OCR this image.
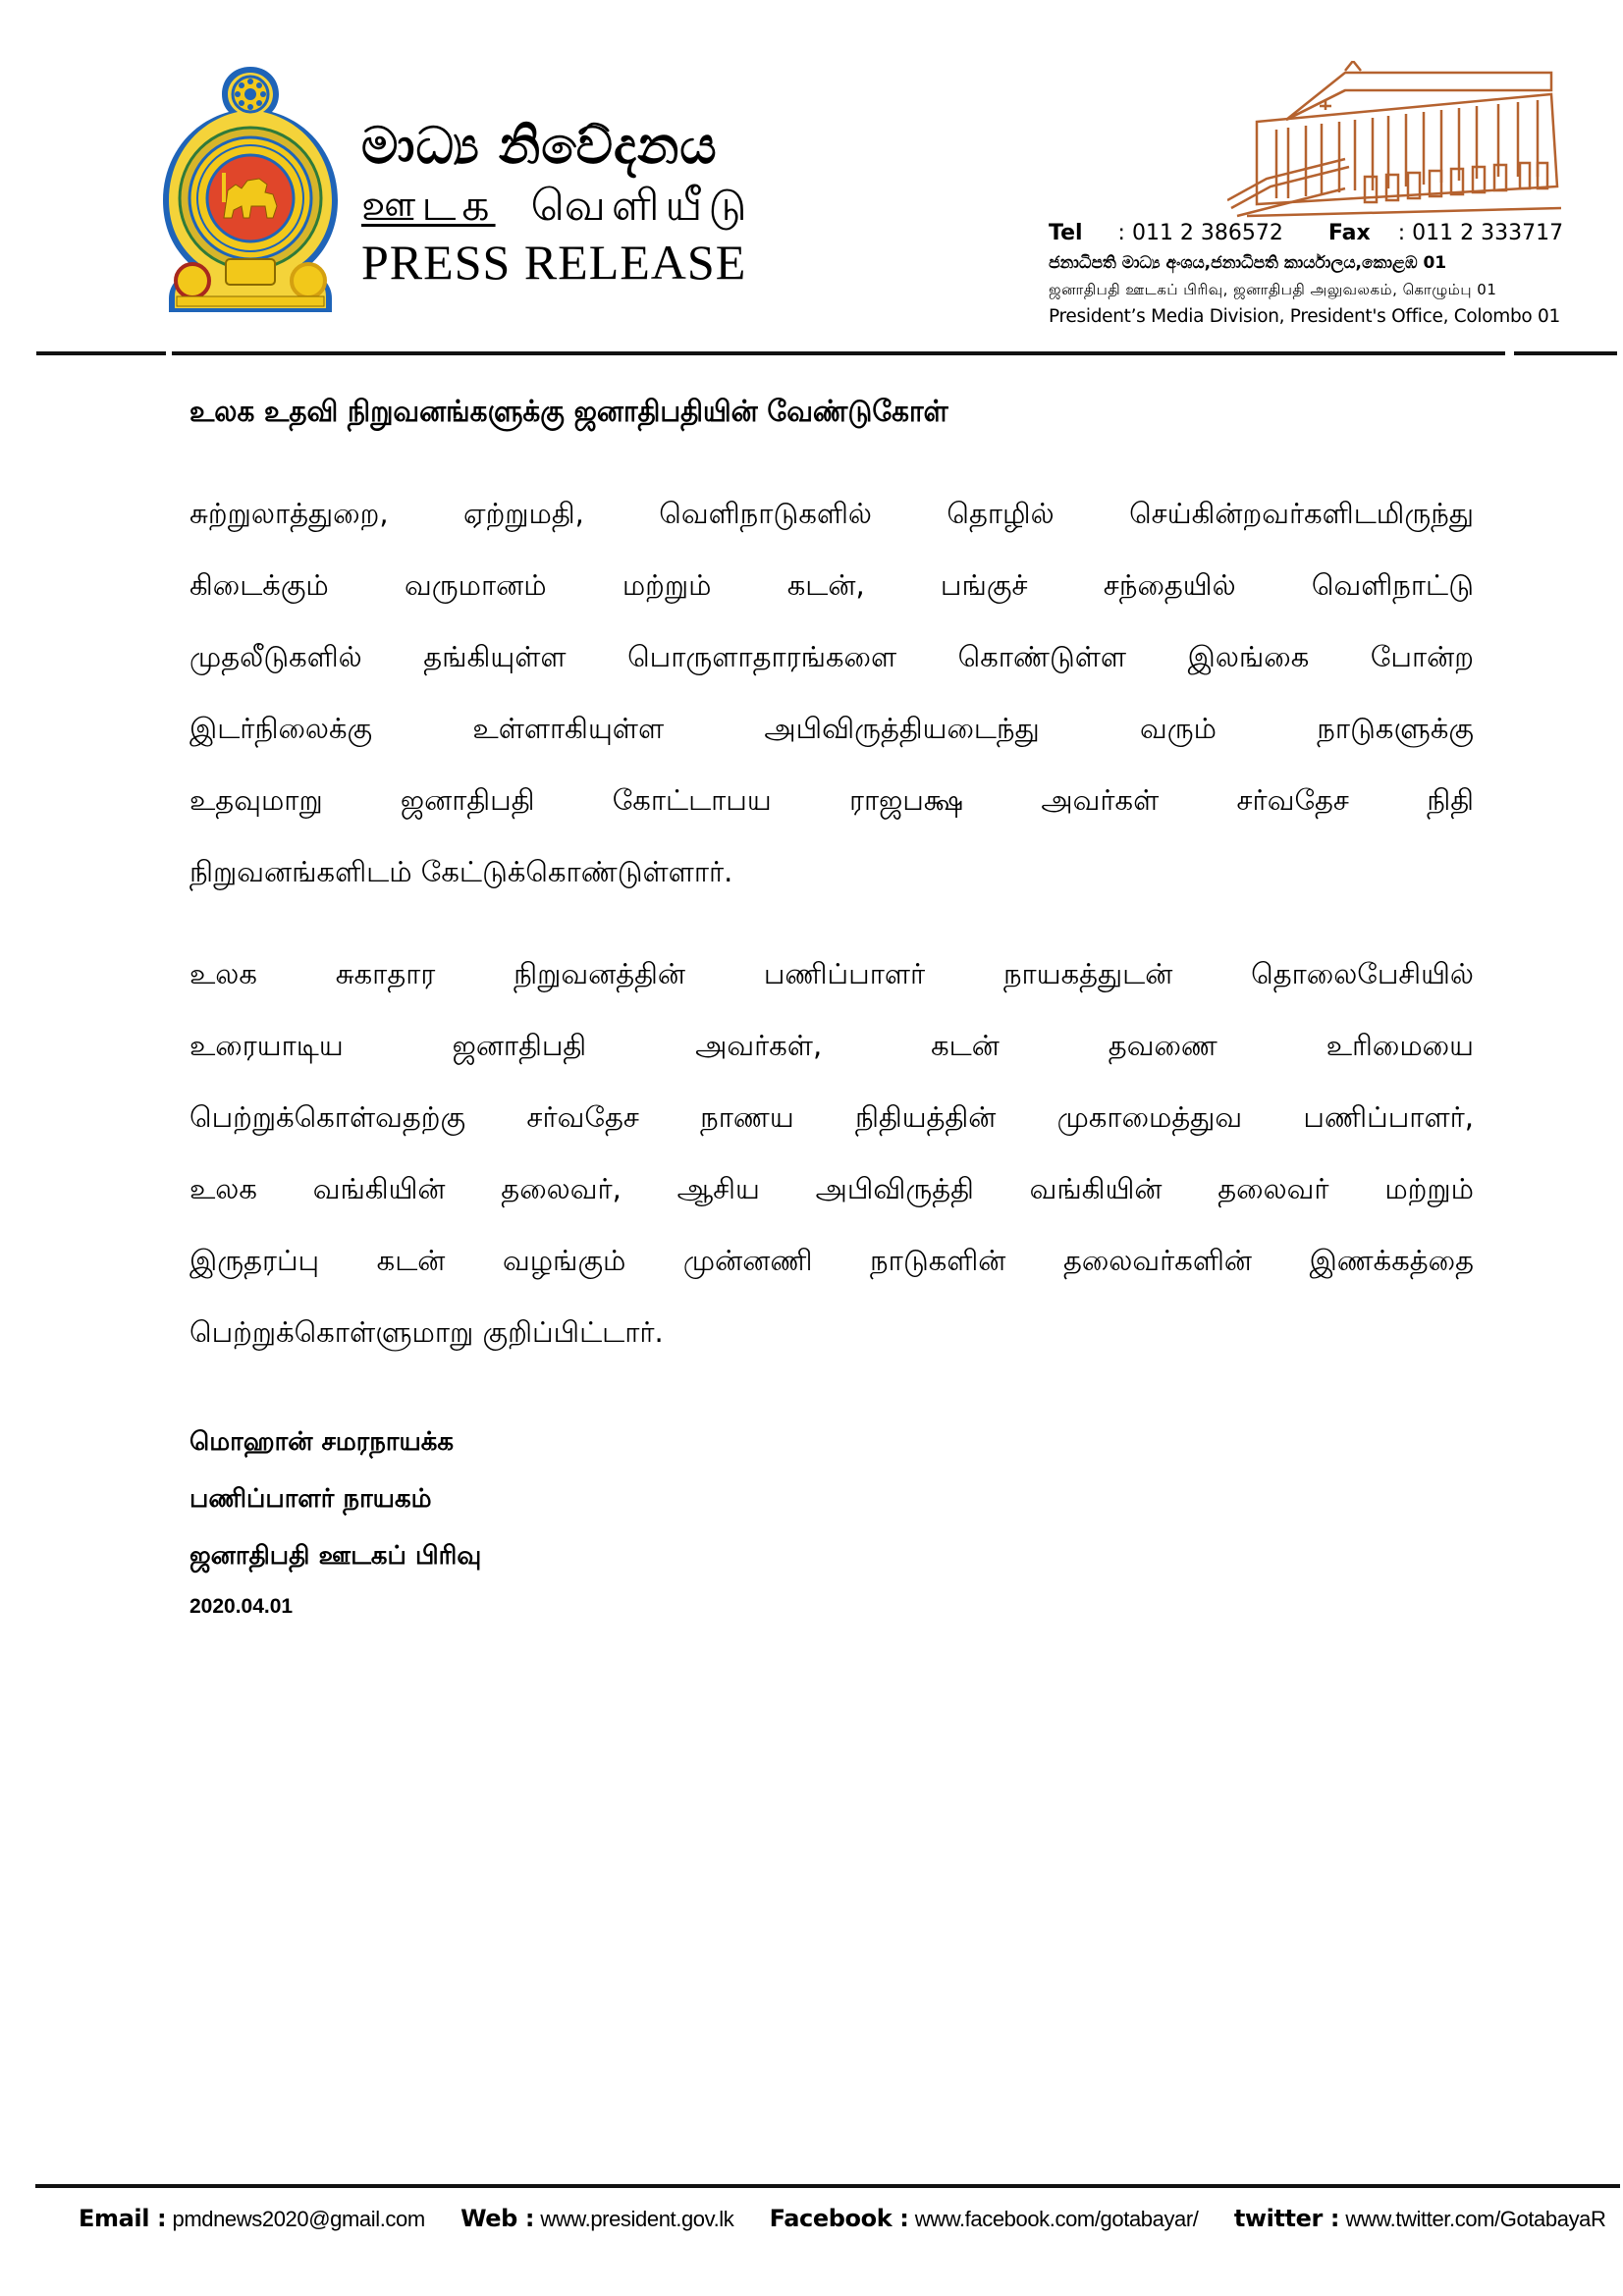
මාධ්‍ය නිවේදනය
ஊடக வெளியீடு
PRESS RELEASE
Tel : 011 2 386572 Fax : 011 2 333717
ජනාධිපති මාධ්‍ය අංශය,ජනාධිපති කාර්යාලය,කොළඹ 01
ஜனாதிபதி ஊடகப் பிரிவு, ஜனாதிபதி அலுவலகம், கொழும்பு 01
President’s Media Division, President's Office, Colombo 01
உலக உதவி நிறுவனங்களுக்கு ஜனாதிபதியின் வேண்டுகோள்
சுற்றுலாத்துறை, ஏற்றுமதி, வெளிநாடுகளில் தொழில் செய்கின்றவர்களிடமிருந்து
கிடைக்கும் வருமானம் மற்றும் கடன், பங்குச் சந்தையில் வெளிநாட்டு
முதலீடுகளில் தங்கியுள்ள பொருளாதாரங்களை கொண்டுள்ள இலங்கை போன்ற
இடர்நிலைக்கு உள்ளாகியுள்ள அபிவிருத்தியடைந்து வரும் நாடுகளுக்கு
உதவுமாறு ஜனாதிபதி கோட்டாபய ராஜபக்ஷ அவர்கள் சர்வதேச நிதி
நிறுவனங்களிடம் கேட்டுக்கொண்டுள்ளார்.
உலக சுகாதார நிறுவனத்தின் பணிப்பாளர் நாயகத்துடன் தொலைபேசியில்
உரையாடிய ஜனாதிபதி அவர்கள், கடன் தவணை உரிமையை
பெற்றுக்கொள்வதற்கு சர்வதேச நாணய நிதியத்தின் முகாமைத்துவ பணிப்பாளர்,
உலக வங்கியின் தலைவர், ஆசிய அபிவிருத்தி வங்கியின் தலைவர் மற்றும்
இருதரப்பு கடன் வழங்கும் முன்னணி நாடுகளின் தலைவர்களின் இணக்கத்தை
பெற்றுக்கொள்ளுமாறு குறிப்பிட்டார்.
மொஹான் சமரநாயக்க
பணிப்பாளர் நாயகம்
ஜனாதிபதி ஊடகப் பிரிவு
2020.04.01
Email : pmdnews2020@gmail.com Web : www.president.gov.lk Facebook : www.facebook.com/gotabayar/ twitter : www.twitter.com/GotabayaR
